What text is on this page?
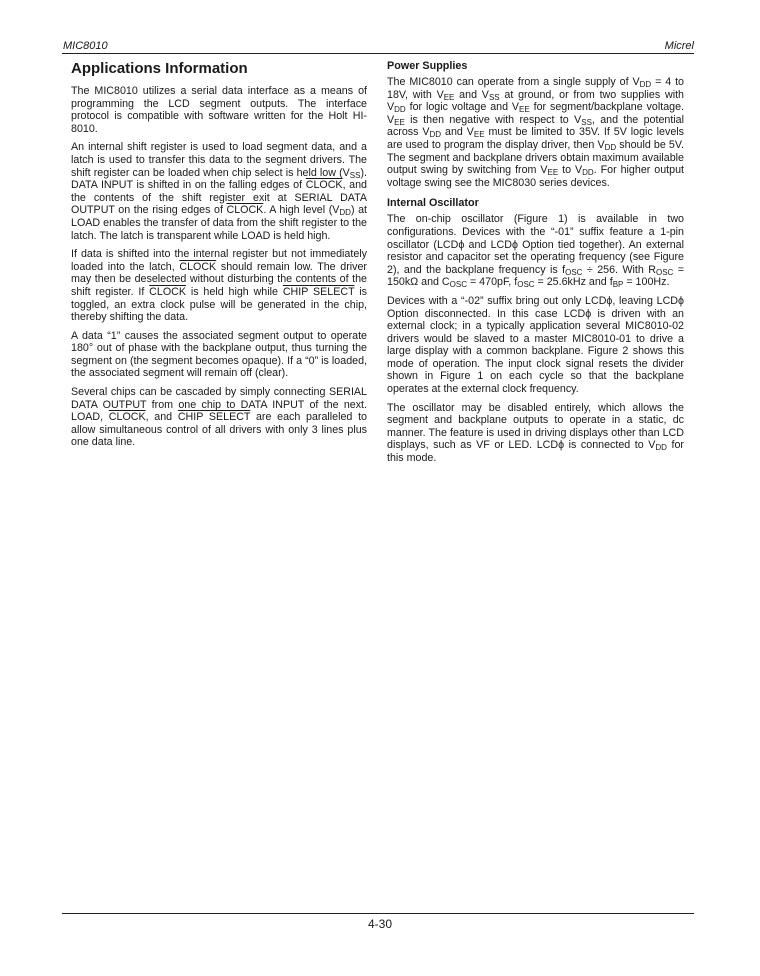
MIC8010	Micrel
Applications Information

The MIC8010 utilizes a serial data interface as a means of programming the LCD segment outputs. The interface protocol is compatible with software written for the Holt HI-8010.

An internal shift register is used to load segment data, and a latch is used to transfer this data to the segment drivers. The shift register can be loaded when chip select is held low $(V_{SS})$. DATA INPUT is shifted in on the falling edges of CLOCK, and the contents of the shift register exit at SERIAL DATA OUTPUT on the rising edges of CLOCK. A high level $(V_{DD})$ at LOAD enables the transfer of data from the shift register to the latch. The latch is transparent while LOAD is held high.

If data is shifted into the internal register but not immediately loaded into the latch, CLOCK should remain low. The driver may then be deselected without disturbing the contents of the shift register. If CLOCK is held high while CHIP SELECT is toggled, an extra clock pulse will be generated in the chip, thereby shifting the data.

A data “1” causes the associated segment output to operate 180° out of phase with the backplane output, thus turning the segment on (the segment becomes opaque). If a “0” is loaded, the associated segment will remain off (clear).

Several chips can be cascaded by simply connecting SERIAL DATA OUTPUT from one chip to DATA INPUT of the next. LOAD, CLOCK, and CHIP SELECT are each paralleled to allow simultaneous control of all drivers with only 3 lines plus one data line.

Power Supplies

The MIC8010 can operate from a single supply of $V_{DD} = 4$ to 18V, with $V_{EE}$ and $V_{SS}$ at ground, or from two supplies with $V_{DD}$ for logic voltage and $V_{EE}$ for segment/backplane voltage. $V_{EE}$ is then negative with respect to $V_{SS}$, and the potential across $V_{DD}$ and $V_{EE}$ must be limited to 35V. If 5V logic levels are used to program the display driver, then $V_{DD}$ should be 5V. The segment and backplane drivers obtain maximum available output swing by switching from $V_{EE}$ to $V_{DD}$. For higher output voltage swing see the MIC8030 series devices.

Internal Oscillator

The on-chip oscillator (Figure 1) is available in two configurations. Devices with the “-01” suffix feature a 1-pin oscillator (LCDϕ and LCDϕ Option tied together). An external resistor and capacitor set the operating frequency (see Figure 2), and the backplane frequency is $f_{OSC} \div 256$. With $R_{OSC} = 150k\Omega$ and $C_{OSC} = 470pF$, $f_{OSC} = 25.6kHz$ and $f_{BP} = 100Hz$.

Devices with a “-02” suffix bring out only LCDϕ, leaving LCDϕ Option disconnected. In this case LCDϕ is driven with an external clock; in a typically application several MIC8010-02 drivers would be slaved to a master MIC8010-01 to drive a large display with a common backplane. Figure 2 shows this mode of operation. The input clock signal resets the divider shown in Figure 1 on each cycle so that the backplane operates at the external clock frequency.

The oscillator may be disabled entirely, which allows the segment and backplane outputs to operate in a static, dc manner. The feature is used in driving displays other than LCD displays, such as VF or LED. LCDϕ is connected to $V_{DD}$ for this mode.

4-30
